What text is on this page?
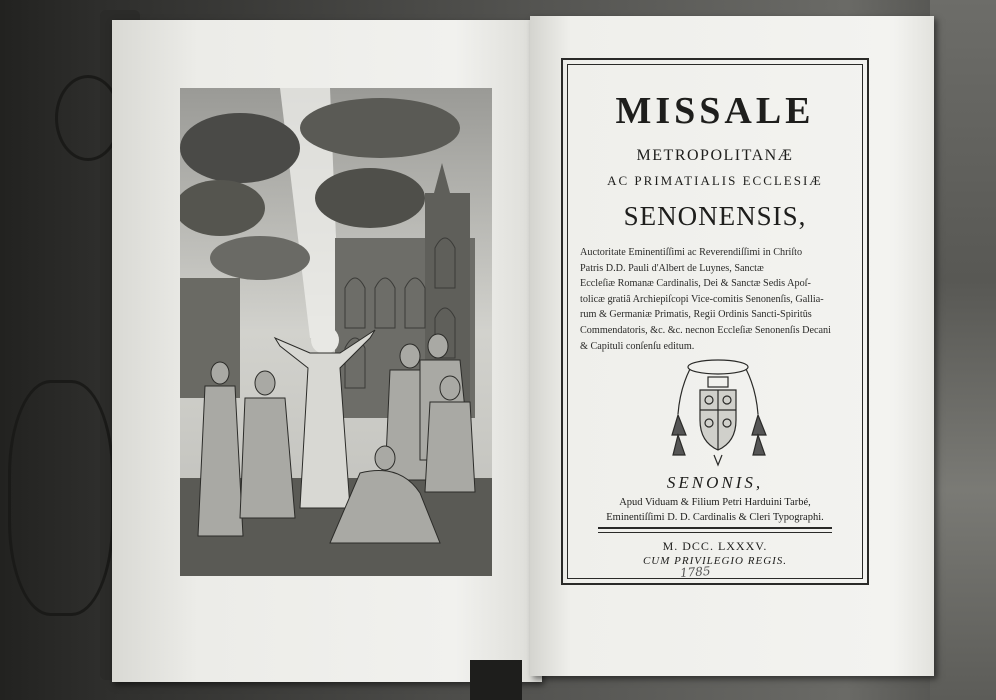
MISSALE
METROPOLITANÆ
AC PRIMATIALIS ECCLESIÆ
SENONENSIS,
Auctoritate Eminentiſſimi ac Reverendiſſimi in Chriſto
Patris D.D. Pauli d'Albert de Luynes, Sanctæ
Eccleſiæ Romanæ Cardinalis, Dei & Sanctæ Sedis Apoſ-
tolicæ gratiâ Archiepiſcopi Vice-comitis Senonenſis, Gallia-
rum & Germaniæ Primatis, Regii Ordinis Sancti-Spiritûs
Commendatoris, &c. &c. necnon Eccleſiæ Senonenſis Decani
& Capituli conſenſu editum.
SENONIS,
Apud Viduam & Filium Petri Harduini Tarbé,
Eminentiſſimi D. D. Cardinalis & Cleri Typographi.
M. DCC. LXXXV.
CUM PRIVILEGIO REGIS.
1785
